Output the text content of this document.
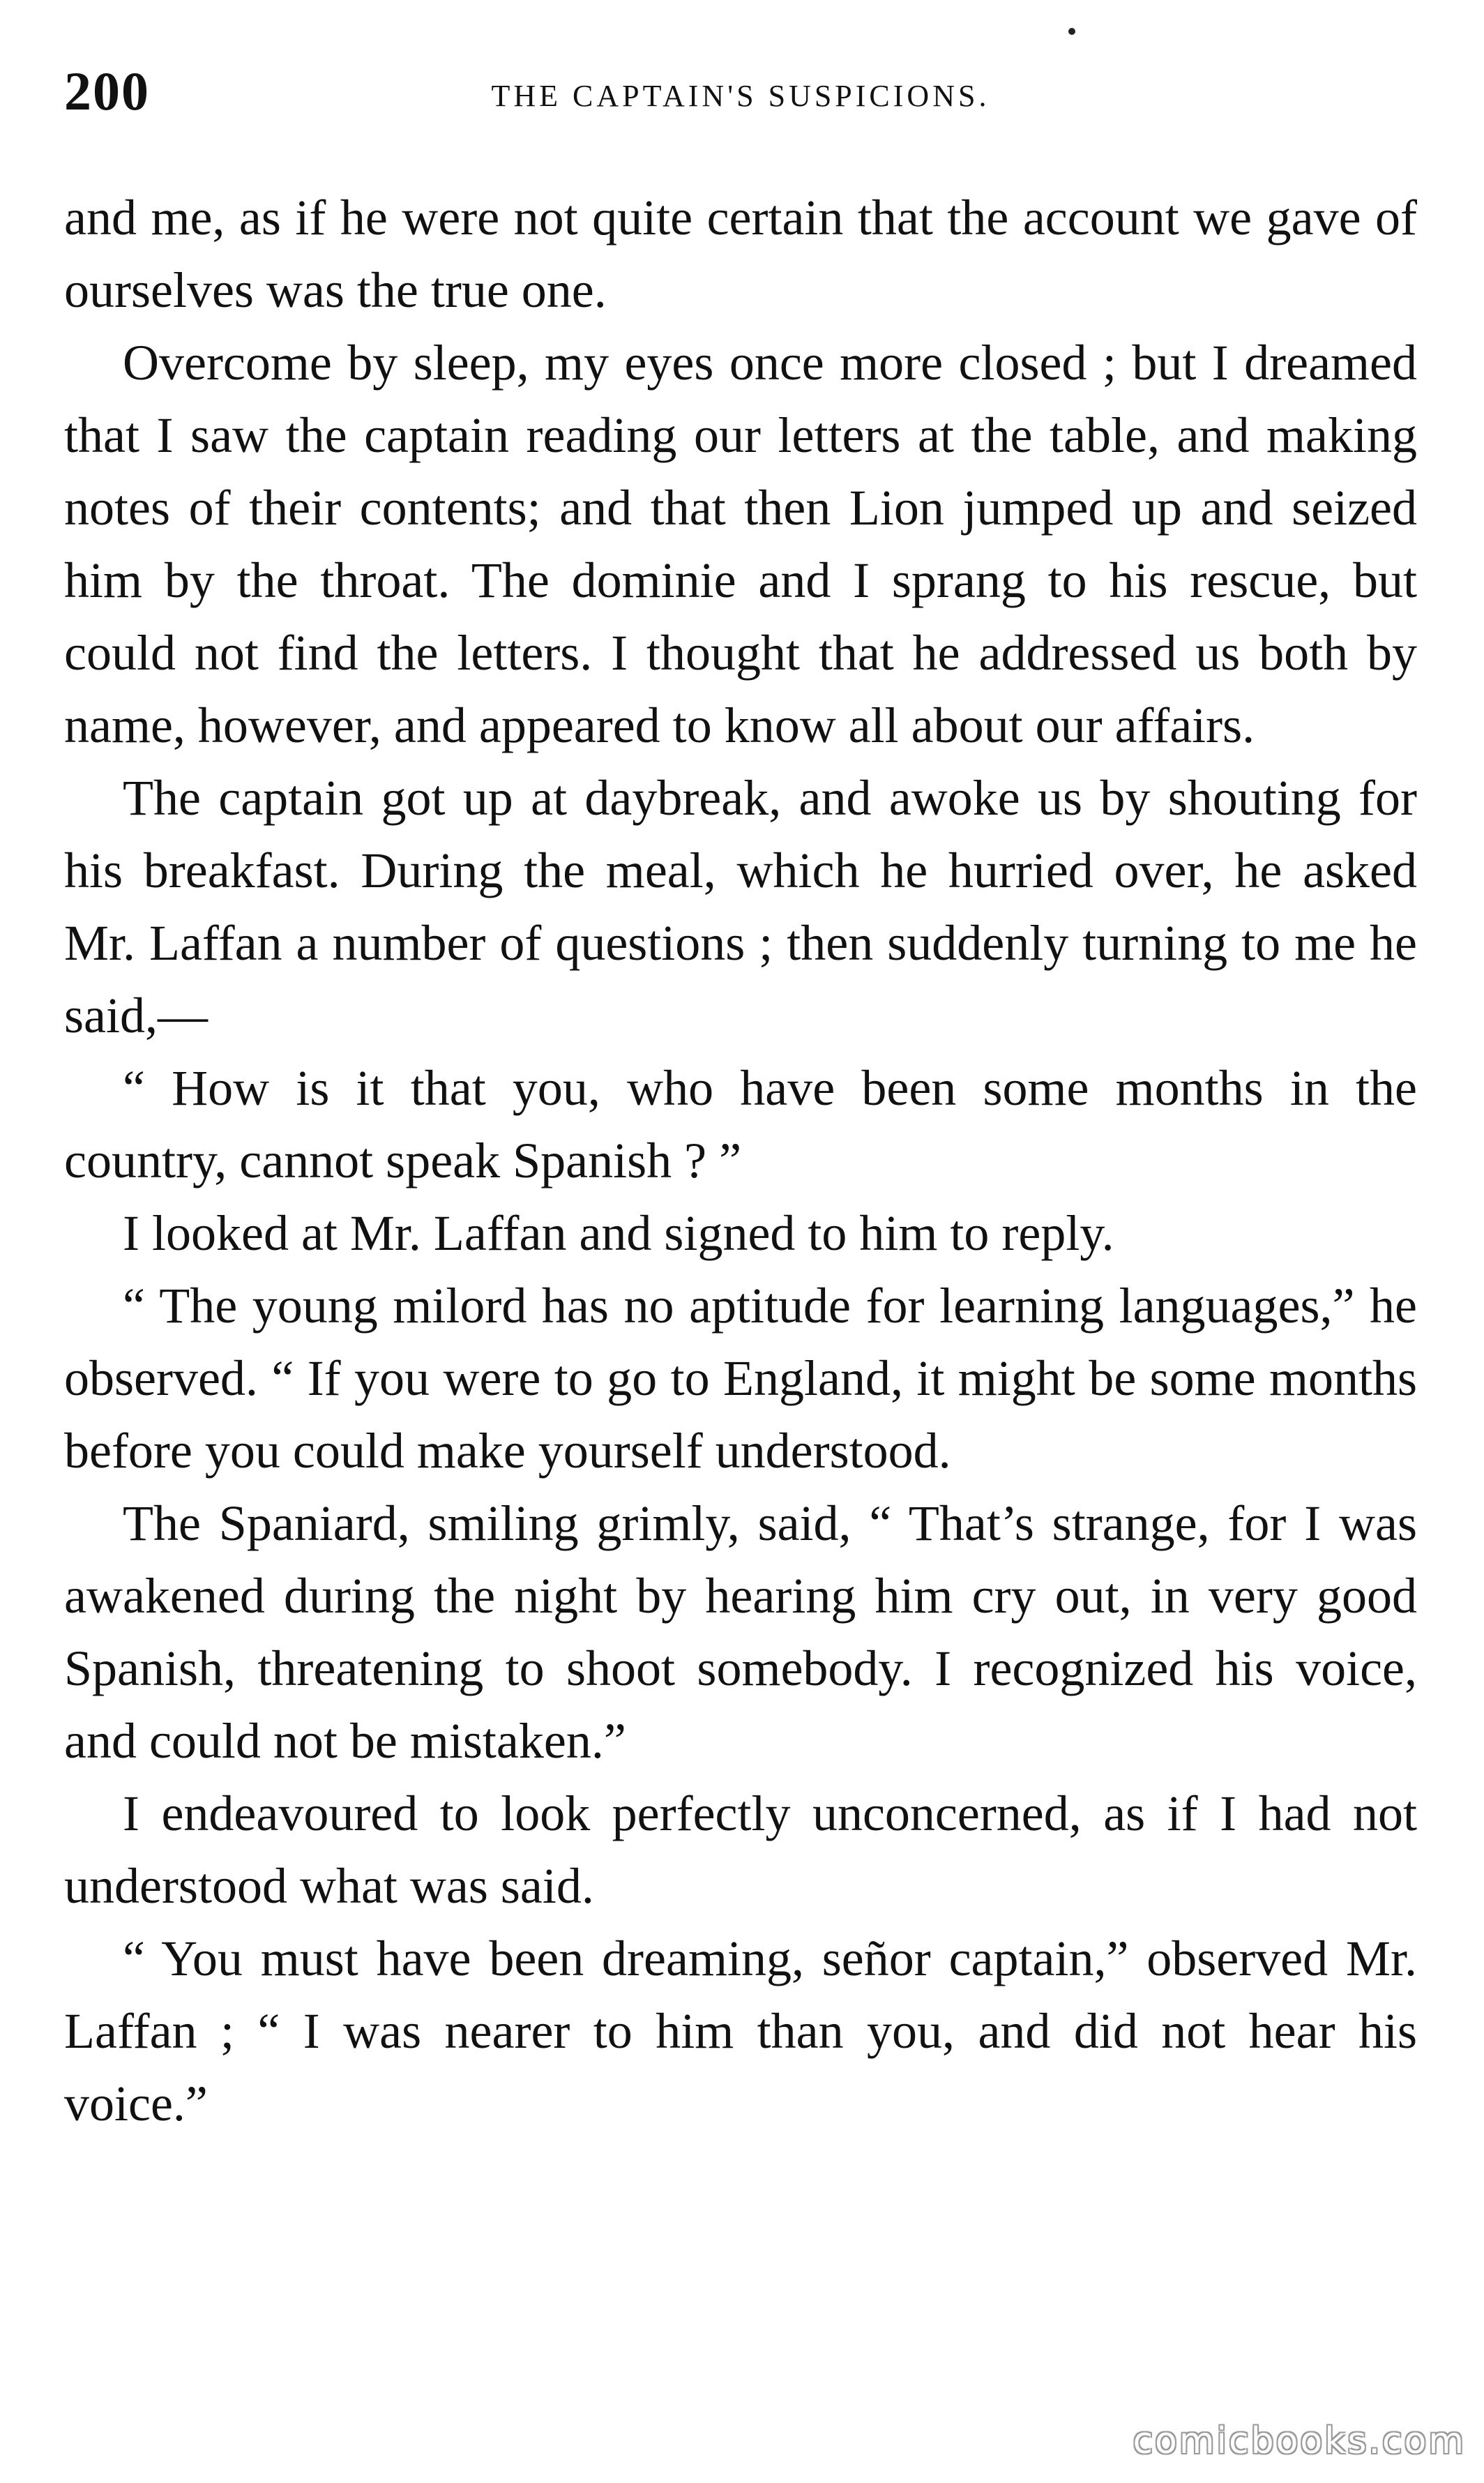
200	THE CAPTAIN'S SUSPICIONS.

and me, as if he were not quite certain that the account we gave of ourselves was the true one.

Overcome by sleep, my eyes once more closed ; but I dreamed that I saw the captain reading our letters at the table, and making notes of their contents; and that then Lion jumped up and seized him by the throat. The dominie and I sprang to his rescue, but could not find the letters. I thought that he addressed us both by name, however, and appeared to know all about our affairs.

The captain got up at daybreak, and awoke us by shouting for his breakfast. During the meal, which he hurried over, he asked Mr. Laffan a number of questions ; then suddenly turning to me he said,—

“ How is it that you, who have been some months in the country, cannot speak Spanish ? ”

I looked at Mr. Laffan and signed to him to reply.

“ The young milord has no aptitude for learning languages,” he observed. “ If you were to go to England, it might be some months before you could make yourself understood.

The Spaniard, smiling grimly, said, “ That’s strange, for I was awakened during the night by hearing him cry out, in very good Spanish, threatening to shoot somebody. I recognized his voice, and could not be mistaken.”

I endeavoured to look perfectly unconcerned, as if I had not understood what was said.

“ You must have been dreaming, señor captain,” observed Mr. Laffan ; “ I was nearer to him than you, and did not hear his voice.”

comicbooks.com
